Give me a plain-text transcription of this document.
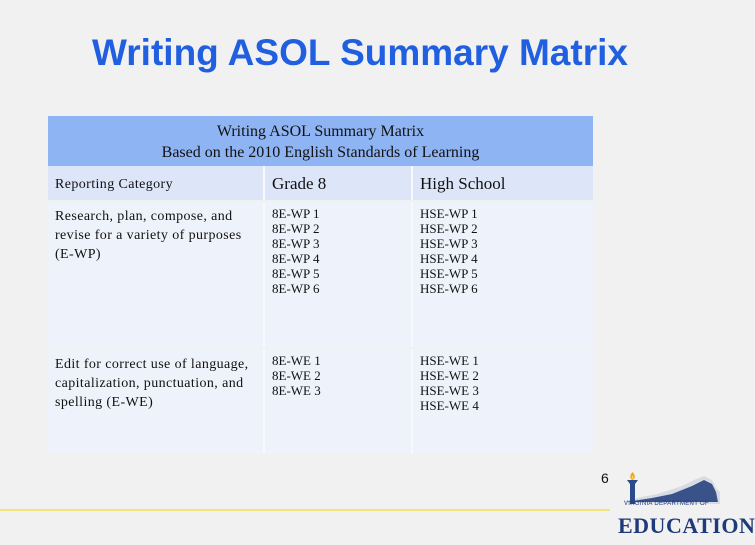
Writing ASOL Summary Matrix
Writing ASOL Summary Matrix
Based on the 2010 English Standards of Learning
Reporting Category	Grade 8	High School
Research, plan, compose, and revise for a variety of purposes (E-WP)
8E-WP 1
8E-WP 2
8E-WP 3
8E-WP 4
8E-WP 5
8E-WP 6
HSE-WP 1
HSE-WP 2
HSE-WP 3
HSE-WP 4
HSE-WP 5
HSE-WP 6
Edit for correct use of language, capitalization, punctuation, and spelling (E-WE)
8E-WE 1
8E-WE 2
8E-WE 3
HSE-WE 1
HSE-WE 2
HSE-WE 3
HSE-WE 4
6
VIRGINIA DEPARTMENT OF
EDUCATION
